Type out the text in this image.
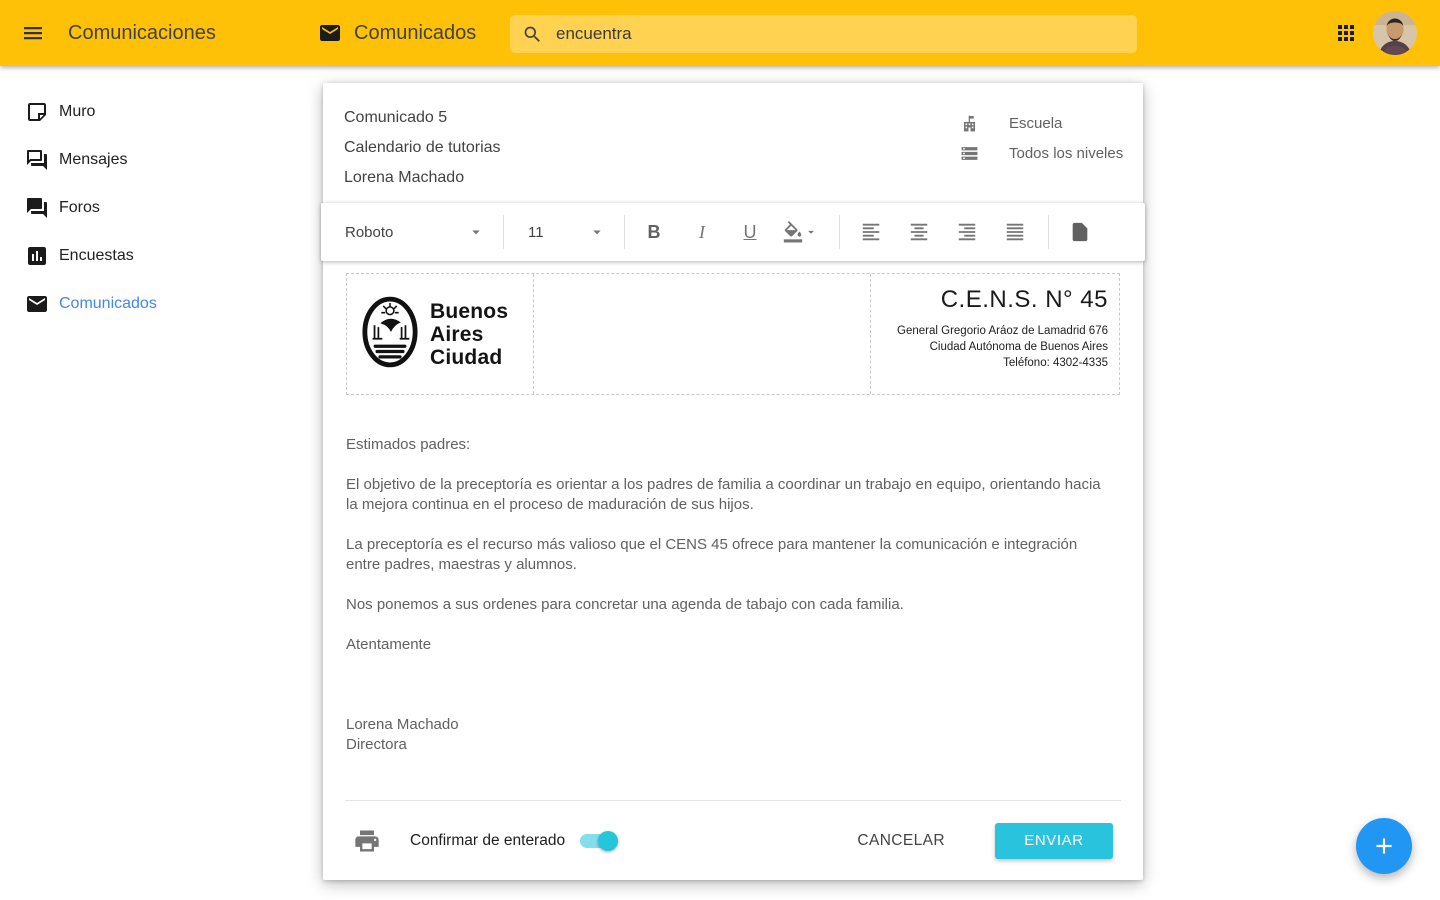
Comunicaciones	Comunicados
encuentra
Muro
Mensajes
Foros
Encuestas
Comunicados
Comunicado 5
Calendario de tutorias
Lorena Machado
Escuela
Todos los niveles
Roboto	11	B I U
Buenos
Aires
Ciudad
C.E.N.S. N° 45
General Gregorio Aráoz de Lamadrid 676
Ciudad Autónoma de Buenos Aires
Teléfono: 4302-4335

Estimados padres:

El objetivo de la preceptoría es orientar a los padres de familia a coordinar un trabajo en equipo, orientando hacia la mejora continua en el proceso de maduración de sus hijos.

La preceptoría es el recurso más valioso que el CENS 45 ofrece para mantener la comunicación e integración entre padres, maestras y alumnos.

Nos ponemos a sus ordenes para concretar una agenda de tabajo con cada familia.

Atentamente

Lorena Machado

Directora

Confirmar de enterado	CANCELAR	ENVIAR
